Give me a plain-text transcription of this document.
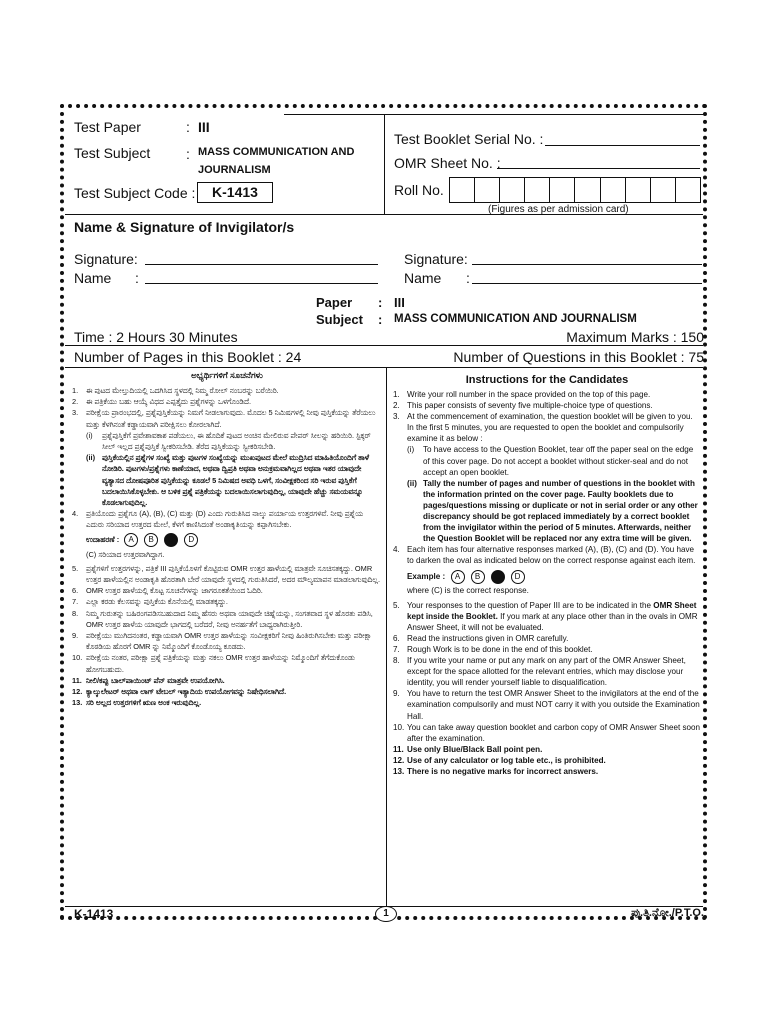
Test Paper	: III
Test Subject	: MASS COMMUNICATION AND
JOURNALISM
Test Subject Code :	K-1413
Test Booklet Serial No. :
OMR Sheet No. :
Roll No.
(Figures as per admission card)
Name & Signature of Invigilator/s
Signature:
Name :
Signature:
Name :
Paper : III
Subject : MASS COMMUNICATION AND JOURNALISM
Time : 2 Hours 30 Minutes	Maximum Marks : 150
Number of Pages in this Booklet : 24	Number of Questions in this Booklet : 75
ಅಭ್ಯರ್ಥಿಗಳಿಗೆ ಸೂಚನೆಗಳು
1.	ಈ ಪುಟದ ಮೇಲ್ತುದಿಯಲ್ಲಿ ಒದಗಿಸಿದ ಸ್ಥಳದಲ್ಲಿ ನಿಮ್ಮ ರೋಲ್ ನಂಬರನ್ನು ಬರೆಯಿರಿ.
2.	ಈ ಪತ್ರಿಕೆಯು ಬಹು ಆಯ್ಕೆ ವಿಧದ ಎಪ್ಪತ್ತೈದು ಪ್ರಶ್ನೆಗಳನ್ನು ಒಳಗೊಂಡಿದೆ.
3.	ಪರೀಕ್ಷೆಯ ಪ್ರಾರಂಭದಲ್ಲಿ, ಪ್ರಶ್ನೆಪುಸ್ತಿಕೆಯನ್ನು ನಿಮಗೆ ನೀಡಲಾಗುವುದು. ಮೊದಲ 5 ನಿಮಿಷಗಳಲ್ಲಿ ನೀವು ಪುಸ್ತಿಕೆಯನ್ನು ತೆರೆಯಲು ಮತ್ತು ಕೆಳಗಿನಂತೆ ಕಡ್ಡಾಯವಾಗಿ ಪರೀಕ್ಷಿಸಲು ಕೋರಲಾಗಿದೆ.
(i)	ಪ್ರಶ್ನೆಪುಸ್ತಿಕೆಗೆ ಪ್ರವೇಶಾವಕಾಶ ಪಡೆಯಲು, ಈ ಹೊದಿಕೆ ಪುಟದ ಅಂಚಿನ ಮೇಲಿರುವ ಪೇಪರ್ ಸೀಲನ್ನು ಹರಿಯಿರಿ. ಸ್ಟಿಕ್ಕರ್ ಸೀಲ್ ಇಲ್ಲದ ಪ್ರಶ್ನೆಪುಸ್ತಿಕೆ ಸ್ವೀಕರಿಸಬೇಡಿ. ತೆರೆದ ಪುಸ್ತಿಕೆಯನ್ನು ಸ್ವೀಕರಿಸಬೇಡಿ.
(ii) ಪುಸ್ತಿಕೆಯಲ್ಲಿನ ಪ್ರಶ್ನೆಗಳ ಸಂಖ್ಯೆ ಮತ್ತು ಪುಟಗಳ ಸಂಖ್ಯೆಯನ್ನು ಮುಖಪುಟದ ಮೇಲೆ ಮುದ್ರಿಸಿದ ಮಾಹಿತಿಯೊಂದಿಗೆ ತಾಳೆ ನೋಡಿರಿ. ಪುಟಗಳು/ಪ್ರಶ್ನೆಗಳು ಕಾಣೆಯಾದ, ಅಥವಾ ದ್ವಿಪ್ರತಿ ಅಥವಾ ಅನುಕ್ರಮವಾಗಿಲ್ಲದ ಅಥವಾ ಇತರ ಯಾವುದೇ ವ್ಯತ್ಯಾಸದ ದೋಷಪೂರಿತ ಪುಸ್ತಿಕೆಯನ್ನು ಕೂಡಲೆ 5 ನಿಮಿಷದ ಅವಧಿ ಒಳಗೆ, ಸಂವೀಕ್ಷಕರಿಂದ ಸರಿ ಇರುವ ಪುಸ್ತಿಕೆಗೆ ಬದಲಾಯಿಸಿಕೊಳ್ಳಬೇಕು. ಆ ಬಳಿಕ ಪ್ರಶ್ನೆ ಪತ್ರಿಕೆಯನ್ನು ಬದಲಾಯಿಸಲಾಗುವುದಿಲ್ಲ, ಯಾವುದೇ ಹೆಚ್ಚು ಸಮಯವನ್ನೂ ಕೊಡಲಾಗುವುದಿಲ್ಲ.
4.	ಪ್ರತಿಯೊಂದು ಪ್ರಶ್ನೆಗೂ (A), (B), (C) ಮತ್ತು (D) ಎಂದು ಗುರುತಿಸಿದ ನಾಲ್ಕು ಪರ್ಯಾಯ ಉತ್ತರಗಳಿವೆ. ನೀವು ಪ್ರಶ್ನೆಯ ಎದುರು ಸರಿಯಾದ ಉತ್ತರದ ಮೇಲೆ, ಕೆಳಗೆ ಕಾಣಿಸಿದಂತೆ ಅಂಡಾಕೃತಿಯನ್ನು ಕಪ್ಪಾಗಿಸಬೇಕು.
ಉದಾಹರಣೆ : A B C D
(C) ಸರಿಯಾದ ಉತ್ತರವಾಗಿದ್ದಾಗ.
5.	ಪ್ರಶ್ನೆಗಳಿಗೆ ಉತ್ತರಗಳನ್ನು, ಪತ್ರಿಕೆ III ಪುಸ್ತಿಕೆಯೊಳಗೆ ಕೊಟ್ಟಿರುವ OMR ಉತ್ತರ ಹಾಳೆಯಲ್ಲಿ ಮಾತ್ರವೇ ಸೂಚಿಸತಕ್ಕದ್ದು. OMR ಉತ್ತರ ಹಾಳೆಯಲ್ಲಿನ ಅಂಡಾಕೃತಿ ಹೊರತಾಗಿ ಬೇರೆ ಯಾವುದೇ ಸ್ಥಳದಲ್ಲಿ ಗುರುತಿಸಿದರೆ, ಅದರ ಮೌಲ್ಯಮಾಪನ ಮಾಡಲಾಗುವುದಿಲ್ಲ.
6.	OMR ಉತ್ತರ ಹಾಳೆಯಲ್ಲಿ ಕೊಟ್ಟ ಸೂಚನೆಗಳನ್ನು ಜಾಗರೂಕತೆಯಿಂದ ಓದಿರಿ.
7.	ಎಲ್ಲಾ ಕರಡು ಕೆಲಸವನ್ನು ಪುಸ್ತಿಕೆಯ ಕೊನೆಯಲ್ಲಿ ಮಾಡತಕ್ಕದ್ದು.
8.	ನಿಮ್ಮ ಗುರುತನ್ನು ಬಹಿರಂಗಪಡಿಸಬಹುದಾದ ನಿಮ್ಮ ಹೆಸರು ಅಥವಾ ಯಾವುದೇ ಚಿಹ್ನೆಯನ್ನು, ಸಂಗತವಾದ ಸ್ಥಳ ಹೊರತು ಪಡಿಸಿ, OMR ಉತ್ತರ ಹಾಳೆಯ ಯಾವುದೇ ಭಾಗದಲ್ಲಿ ಬರೆದರೆ, ನೀವು ಅನರ್ಹತೆಗೆ ಬಾಧ್ಯರಾಗಿರುತ್ತೀರಿ.
9.	ಪರೀಕ್ಷೆಯು ಮುಗಿದನಂತರ, ಕಡ್ಡಾಯವಾಗಿ OMR ಉತ್ತರ ಹಾಳೆಯನ್ನು ಸಂವೀಕ್ಷಕರಿಗೆ ನೀವು ಹಿಂತಿರುಗಿಸಬೇಕು ಮತ್ತು ಪರೀಕ್ಷಾ ಕೊಠಡಿಯ ಹೊರಗೆ OMR ನ್ನು ನಿಮ್ಮೊಂದಿಗೆ ಕೊಂಡೊಯ್ಯ ಕೂಡದು.
10. ಪರೀಕ್ಷೆಯ ನಂತರ, ಪರೀಕ್ಷಾ ಪ್ರಶ್ನೆ ಪತ್ರಿಕೆಯನ್ನು ಮತ್ತು ನಕಲು OMR ಉತ್ತರ ಹಾಳೆಯನ್ನು ನಿಮ್ಮೊಂದಿಗೆ ತೆಗೆದುಕೊಂಡು ಹೋಗಬಹುದು.
11. ನೀಲಿ/ಕಪ್ಪು ಬಾಲ್‌ಪಾಯಿಂಟ್ ಪೆನ್ ಮಾತ್ರವೇ ಉಪಯೋಗಿಸಿ.
12. ಕ್ಯಾಲ್ಕುಲೇಟರ್ ಅಥವಾ ಲಾಗ್ ಟೇಬಲ್ ಇತ್ಯಾದಿಯ ಉಪಯೋಗವನ್ನು ನಿಷೇಧಿಸಲಾಗಿದೆ.
13. ಸರಿ ಅಲ್ಲದ ಉತ್ತರಗಳಿಗೆ ಋಣ ಅಂಕ ಇರುವುದಿಲ್ಲ.
Instructions for the Candidates
1. Write your roll number in the space provided on the top of this page.
2. This paper consists of seventy five multiple-choice type of questions.
3. At the commencement of examination, the question booklet will be given to you. In the first 5 minutes, you are requested to open the booklet and compulsorily examine it as below :
(i)	To have access to the Question Booklet, tear off the paper seal on the edge of this cover page. Do not accept a booklet without sticker-seal and do not accept an open booklet.
(ii) Tally the number of pages and number of questions in the booklet with the information printed on the cover page. Faulty booklets due to pages/questions missing or duplicate or not in serial order or any other discrepancy should be got replaced immediately by a correct booklet from the invigilator within the period of 5 minutes. Afterwards, neither the Question Booklet will be replaced nor any extra time will be given.
4. Each item has four alternative responses marked (A), (B), (C) and (D). You have to darken the oval as indicated below on the correct response against each item.
Example : A B C D
where (C) is the correct response.
5. Your responses to the question of Paper III are to be indicated in the OMR Sheet kept inside the Booklet. If you mark at any place other than in the ovals in OMR Answer Sheet, it will not be evaluated.
6. Read the instructions given in OMR carefully.
7. Rough Work is to be done in the end of this booklet.
8. If you write your name or put any mark on any part of the OMR Answer Sheet, except for the space allotted for the relevant entries, which may disclose your identity, you will render yourself liable to disqualification.
9. You have to return the test OMR Answer Sheet to the invigilators at the end of the examination compulsorily and must NOT carry it with you outside the Examination Hall.
10. You can take away question booklet and carbon copy of OMR Answer Sheet soon after the examination.
11. Use only Blue/Black Ball point pen.
12. Use of any calculator or log table etc., is prohibited.
13. There is no negative marks for incorrect answers.
K-1413	1	ಪು.ತಿ.ನೋ./P.T.O.
